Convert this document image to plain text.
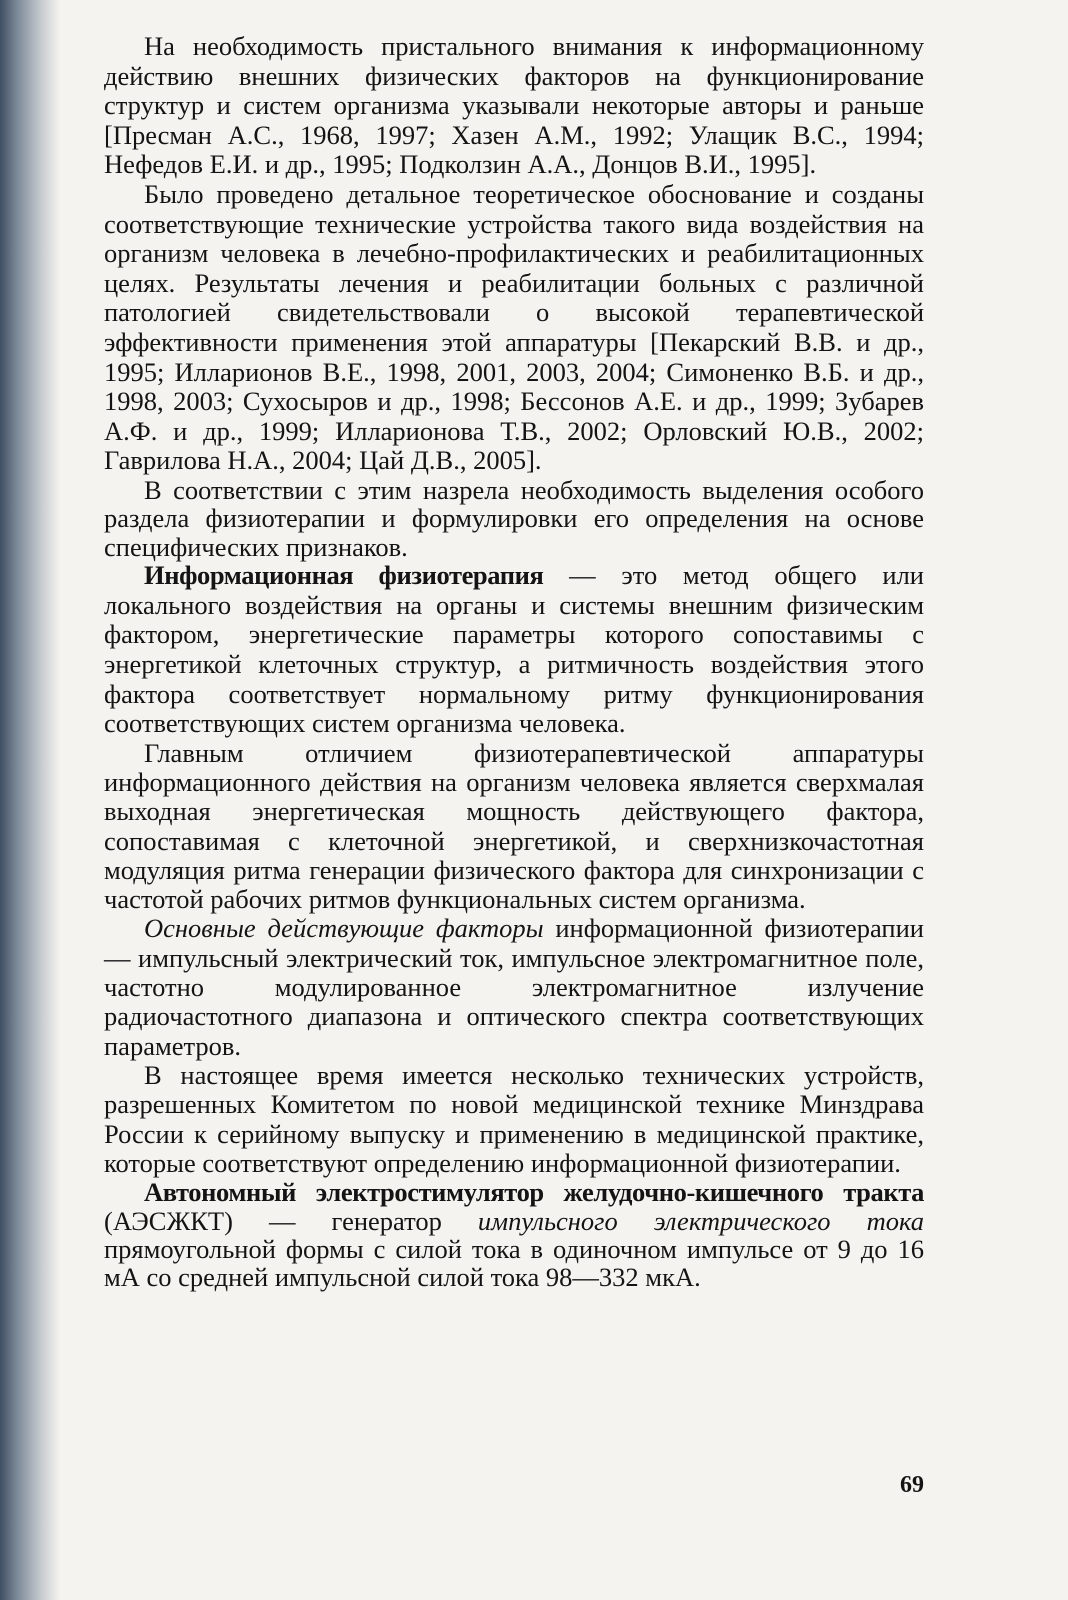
На необходимость пристального внимания к информационному действию внешних физических факторов на функционирование структур и систем организма указывали некоторые авторы и раньше [Пресман А.С., 1968, 1997; Хазен А.М., 1992; Улащик В.С., 1994; Нефедов Е.И. и др., 1995; Подколзин А.А., Донцов В.И., 1995].

Было проведено детальное теоретическое обоснование и созданы соответствующие технические устройства такого вида воздействия на организм человека в лечебно-профилактических и реабилитационных целях. Результаты лечения и реабилитации больных с различной патологией свидетельствовали о высокой терапевтической эффективности применения этой аппаратуры [Пекарский В.В. и др., 1995; Илларионов В.Е., 1998, 2001, 2003, 2004; Симоненко В.Б. и др., 1998, 2003; Сухосыров и др., 1998; Бессонов А.Е. и др., 1999; Зубарев А.Ф. и др., 1999; Илларионова Т.В., 2002; Орловский Ю.В., 2002; Гаврилова Н.А., 2004; Цай Д.В., 2005].

В соответствии с этим назрела необходимость выделения особого раздела физиотерапии и формулировки его определения на основе специфических признаков.

Информационная физиотерапия — это метод общего или локального воздействия на органы и системы внешним физическим фактором, энергетические параметры которого сопоставимы с энергетикой клеточных структур, а ритмичность воздействия этого фактора соответствует нормальному ритму функционирования соответствующих систем организма человека.

Главным отличием физиотерапевтической аппаратуры информационного действия на организм человека является сверхмалая выходная энергетическая мощность действующего фактора, сопоставимая с клеточной энергетикой, и сверхнизкочастотная модуляция ритма генерации физического фактора для синхронизации с частотой рабочих ритмов функциональных систем организма.

Основные действующие факторы информационной физиотерапии — импульсный электрический ток, импульсное электромагнитное поле, частотно модулированное электромагнитное излучение радиочастотного диапазона и оптического спектра соответствующих параметров.

В настоящее время имеется несколько технических устройств, разрешенных Комитетом по новой медицинской технике Минздрава России к серийному выпуску и применению в медицинской практике, которые соответствуют определению информационной физиотерапии.

Автономный электростимулятор желудочно-кишечного тракта (АЭСЖКТ) — генератор импульсного электрического тока прямоугольной формы с силой тока в одиночном импульсе от 9 до 16 мА со средней импульсной силой тока 98—332 мкА.

69
